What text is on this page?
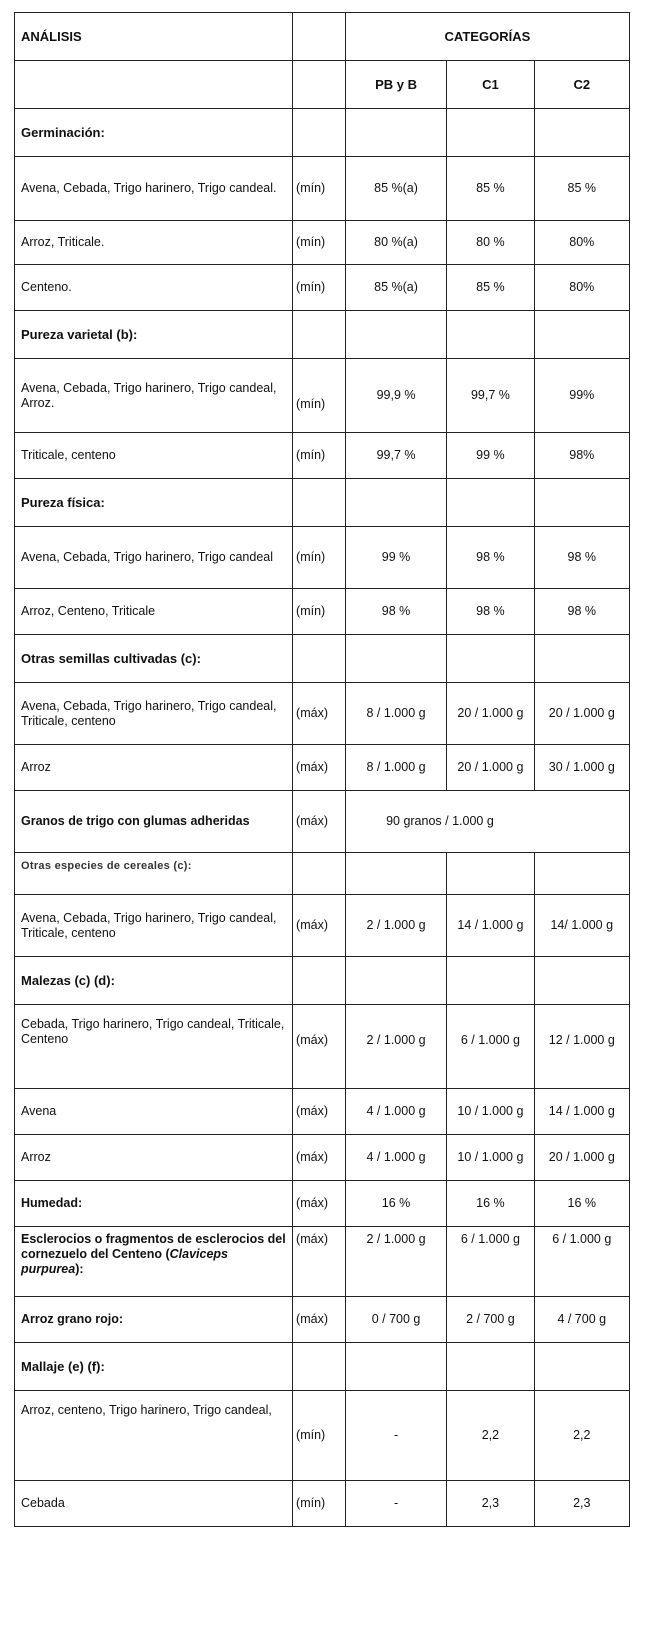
ANÁLISIS		CATEGORÍAS		
		PB y B	C1	C2
Germinación:				
Avena, Cebada, Trigo harinero, Trigo candeal.	(mín)	85 %(a)	85 %	85 %
Arroz, Triticale.	(mín)	80 %(a)	80 %	80%
Centeno.	(mín)	85 %(a)	85 %	80%
Pureza varietal (b):				
Avena, Cebada, Trigo harinero, Trigo candeal, Arroz.	(mín)	99,9 %	99,7 %	99%
Triticale, centeno	(mín)	99,7 %	99 %	98%
Pureza física:				
Avena, Cebada, Trigo harinero, Trigo candeal	(mín)	99 %	98 %	98 %
Arroz, Centeno, Triticale	(mín)	98 %	98 %	98 %
Otras semillas cultivadas (c):				
Avena, Cebada, Trigo harinero, Trigo candeal, Triticale, centeno	(máx)	8 / 1.000 g	20 / 1.000 g	20 / 1.000 g
Arroz	(máx)	8 / 1.000 g	20 / 1.000 g	30 / 1.000 g
Granos de trigo con glumas adheridas	(máx)	90 granos / 1.000 g		
Otras especies de cereales (c):				
Avena, Cebada, Trigo harinero, Trigo candeal, Triticale, centeno	(máx)	2 / 1.000 g	14 / 1.000 g	14/ 1.000 g
Malezas (c) (d):				
Cebada, Trigo harinero, Trigo candeal, Triticale, Centeno	(máx)	2 / 1.000 g	6 / 1.000 g	12 / 1.000 g
Avena	(máx)	4 / 1.000 g	10 / 1.000 g	14 / 1.000 g
Arroz	(máx)	4 / 1.000 g	10 / 1.000 g	20 / 1.000 g
Humedad:	(máx)	16 %	16 %	16 %
Esclerocios o fragmentos de esclerocios del cornezuelo del Centeno (Claviceps purpurea):	(máx)	2 / 1.000 g	6 / 1.000 g	6 / 1.000 g
Arroz grano rojo:	(máx)	0 / 700 g	2 / 700 g	4 / 700 g
Mallaje (e) (f):				
Arroz, centeno, Trigo harinero, Trigo candeal,	(mín)	-	2,2	2,2
Cebada	(mín)	-	2,3	2,3
